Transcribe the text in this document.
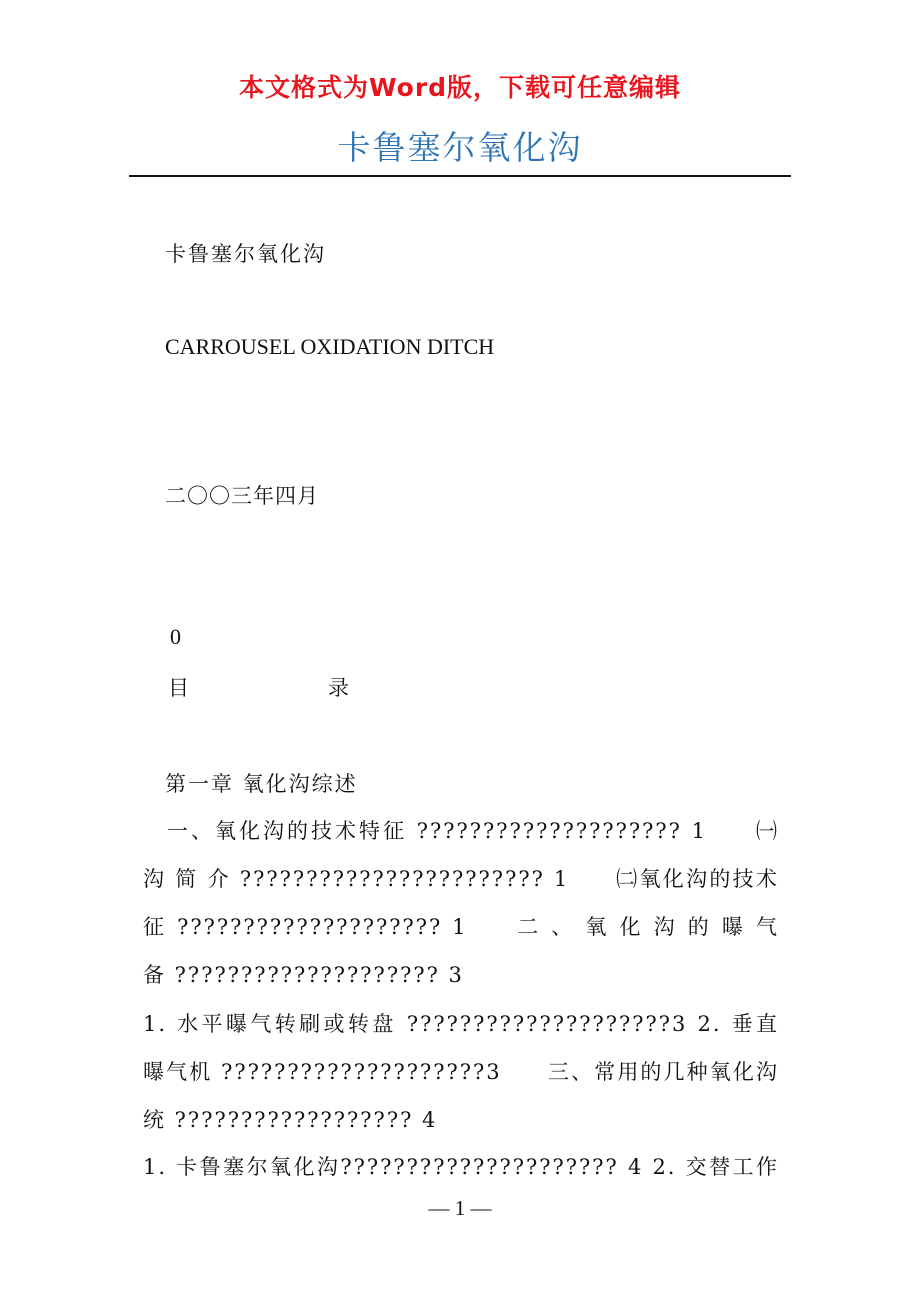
本文格式为Word版，下载可任意编辑
卡鲁塞尔氧化沟
卡鲁塞尔氧化沟
CARROUSEL OXIDATION DITCH
二〇〇三年四月
0
目	录
第一章 氧化沟综述
　一、氧化沟的技术特征 ???????????????????? 1　　㈠
沟 简 介 ??????????????????????? 1　　㈡氧化沟的技术
征 ???????????????????? 1　　二 、 氧 化 沟 的 曝 气
备 ???????????????????? 3
1. 水平曝气转刷或转盘 ????????????????????3 2. 垂直
曝气机 ????????????????????3　　三、常用的几种氧化沟
统 ?????????????????? 4
1. 卡鲁塞尔氧化沟????????????????????? 4 2. 交替工作
— 1 —
